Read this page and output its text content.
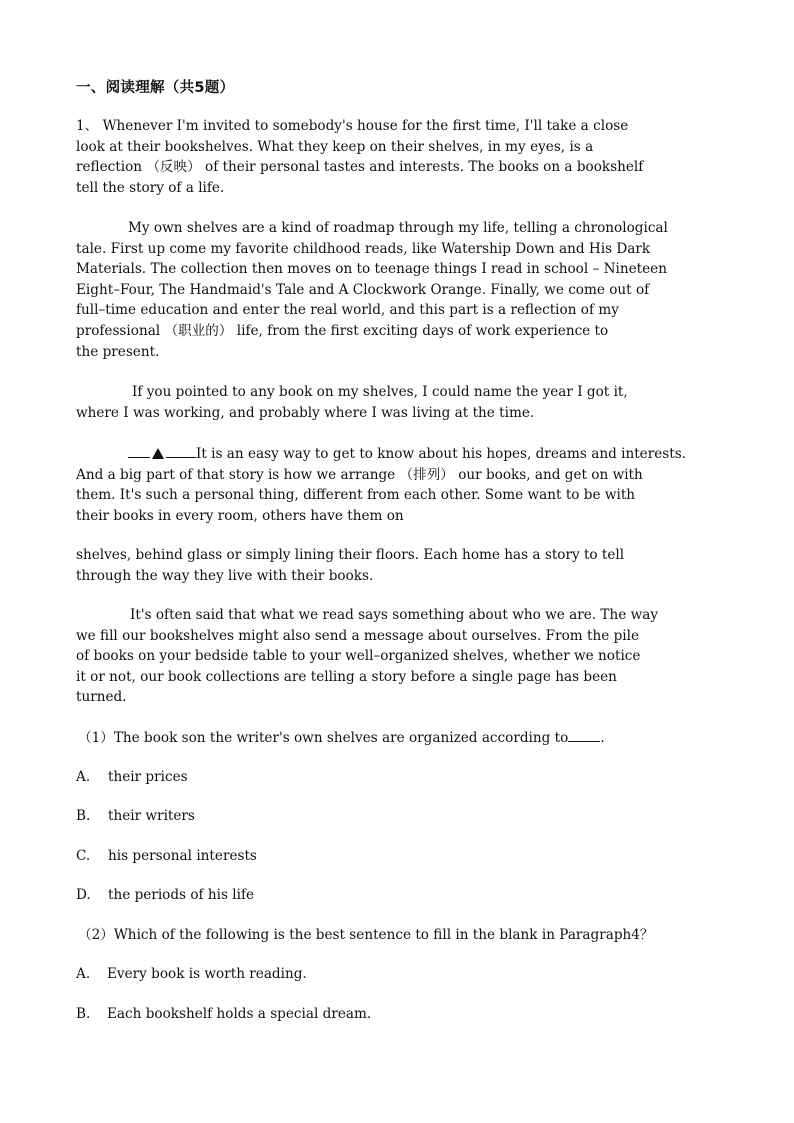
一、阅读理解（共5题）
1、 Whenever I'm invited to somebody's house for the first time, I'll take a close
look at their bookshelves. What they keep on their shelves, in my eyes, is a
reflection （反映） of their personal tastes and interests. The books on a bookshelf
tell the story of a life.
My own shelves are a kind of roadmap through my life, telling a chronological
tale. First up come my favorite childhood reads, like Watership Down and His Dark
Materials. The collection then moves on to teenage things I read in school – Nineteen
Eight–Four, The Handmaid's Tale and A Clockwork Orange. Finally, we come out of
full–time education and enter the real world, and this part is a reflection of my
professional （职业的） life, from the first exciting days of work experience to
the present.
If you pointed to any book on my shelves, I could name the year I got it,
where I was working, and probably where I was living at the time.
It is an easy way to get to know about his hopes, dreams and interests.
And a big part of that story is how we arrange （排列） our books, and get on with
them. It's such a personal thing, different from each other. Some want to be with
their books in every room, others have them on
shelves, behind glass or simply lining their floors. Each home has a story to tell
through the way they live with their books.
It's often said that what we read says something about who we are. The way
we fill our bookshelves might also send a message about ourselves. From the pile
of books on your bedside table to your well–organized shelves, whether we notice
it or not, our book collections are telling a story before a single page has been
turned.
（1）The book son the writer's own shelves are organized according to .
A. their prices
B. their writers
C. his personal interests
D. the periods of his life
（2）Which of the following is the best sentence to fill in the blank in Paragraph4？
A. Every book is worth reading.
B. Each bookshelf holds a special dream.
